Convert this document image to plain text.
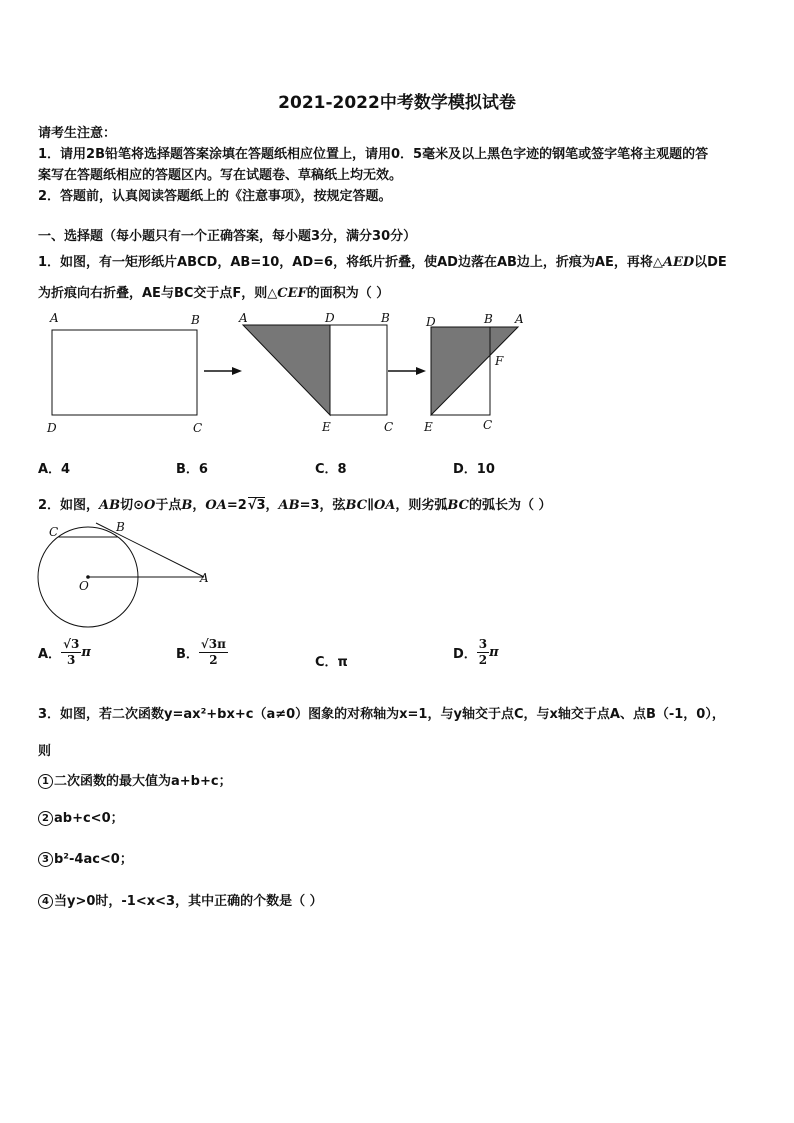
2021-2022中考数学模拟试卷
请考生注意：
1．请用2B铅笔将选择题答案涂填在答题纸相应位置上，请用0．5毫米及以上黑色字迹的钢笔或签字笔将主观题的答
案写在答题纸相应的答题区内。写在试题卷、草稿纸上均无效。
2．答题前，认真阅读答题纸上的《注意事项》，按规定答题。
一、选择题（每小题只有一个正确答案，每小题3分，满分30分）
1．如图，有一矩形纸片ABCD，AB=10，AD=6，将纸片折叠，使AD边落在AB边上，折痕为AE，再将△AED以DE
为折痕向右折叠，AE与BC交于点F，则△CEF的面积为（ ）
A	B
D	C
A	D	B
E	C
D	B A
F
E	C
A．4	B．6	C．8	D．10
2．如图，AB切⊙O于点B，OA=2√3，AB=3，弦BC∥OA，则劣弧BC的弧长为（ ）
C	B
O
A
A． $\frac{√3}{3}$ π	B． $\frac{√3\pi}{2}$	C．π
D． $\frac{3}{2}$ π
3．如图，若二次函数y=ax²+bx+c（a≠0）图象的对称轴为x=1，与y轴交于点C，与x轴交于点A、点B（-1，0），
则
1 二次函数的最大值为a+b+c；
2 ab+c<0；
3 b²-4ac<0；
4 当y>0时，-1<x<3，其中正确的个数是（ ）
